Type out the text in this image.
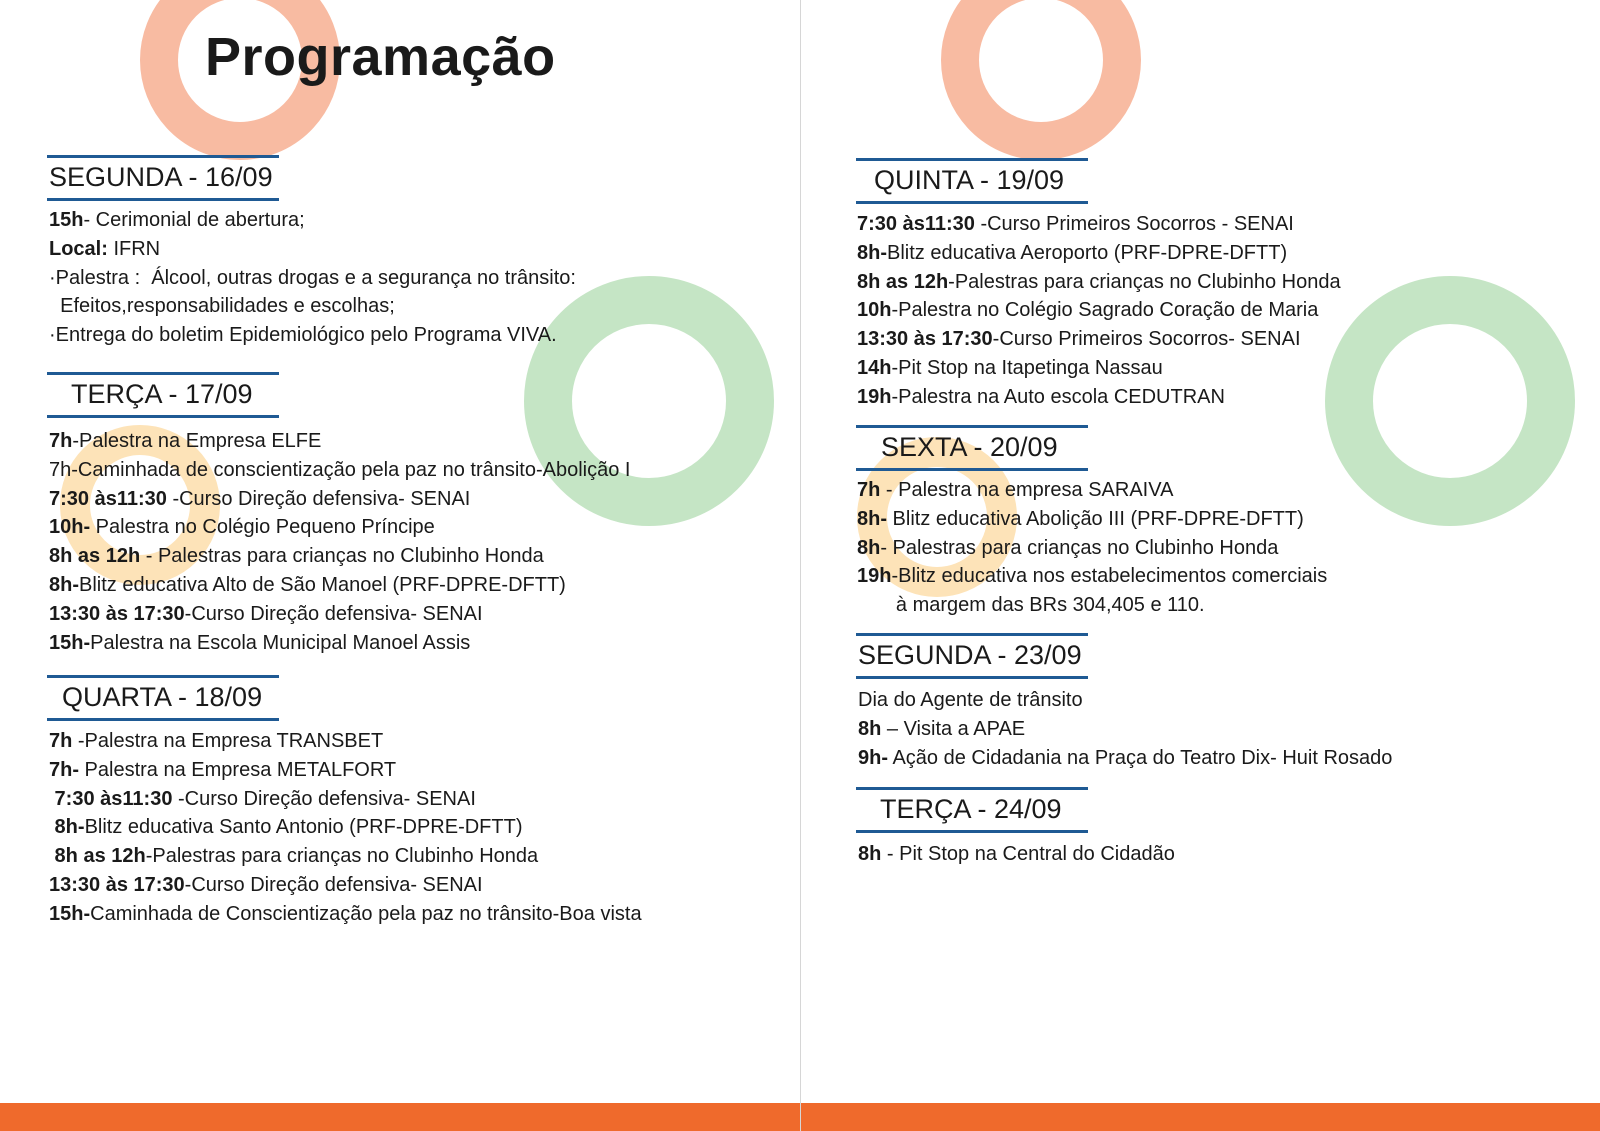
Programação
SEGUNDA - 16/09
15h- Cerimonial de abertura;
Local: IFRN
·Palestra :  Álcool, outras drogas e a segurança no trânsito:
Efeitos,responsabilidades e escolhas;
·Entrega do boletim Epidemiológico pelo Programa VIVA.
TERÇA - 17/09
7h-Palestra na Empresa ELFE
7h-Caminhada de conscientização pela paz no trânsito-Abolição I
7:30 às11:30 -Curso Direção defensiva- SENAI
10h- Palestra no Colégio Pequeno Príncipe
8h as 12h - Palestras para crianças no Clubinho Honda
8h-Blitz educativa Alto de São Manoel (PRF-DPRE-DFTT)
13:30 às 17:30-Curso Direção defensiva- SENAI
15h-Palestra na Escola Municipal Manoel Assis
QUARTA - 18/09
7h -Palestra na Empresa TRANSBET
7h- Palestra na Empresa METALFORT
7:30 às11:30 -Curso Direção defensiva- SENAI
8h-Blitz educativa Santo Antonio (PRF-DPRE-DFTT)
8h as 12h-Palestras para crianças no Clubinho Honda
13:30 às 17:30-Curso Direção defensiva- SENAI
15h-Caminhada de Conscientização pela paz no trânsito-Boa vista
QUINTA - 19/09
7:30 às11:30 -Curso Primeiros Socorros - SENAI
8h-Blitz educativa Aeroporto (PRF-DPRE-DFTT)
8h as 12h-Palestras para crianças no Clubinho Honda
10h-Palestra no Colégio Sagrado Coração de Maria
13:30 às 17:30-Curso Primeiros Socorros- SENAI
14h-Pit Stop na Itapetinga Nassau
19h-Palestra na Auto escola CEDUTRAN
SEXTA - 20/09
7h - Palestra na empresa SARAIVA
8h- Blitz educativa Abolição III (PRF-DPRE-DFTT)
8h- Palestras para crianças no Clubinho Honda
19h-Blitz educativa nos estabelecimentos comerciais
à margem das BRs 304,405 e 110.
SEGUNDA - 23/09
Dia do Agente de trânsito
8h – Visita a APAE
9h- Ação de Cidadania na Praça do Teatro Dix- Huit Rosado
TERÇA - 24/09
8h - Pit Stop na Central do Cidadão
